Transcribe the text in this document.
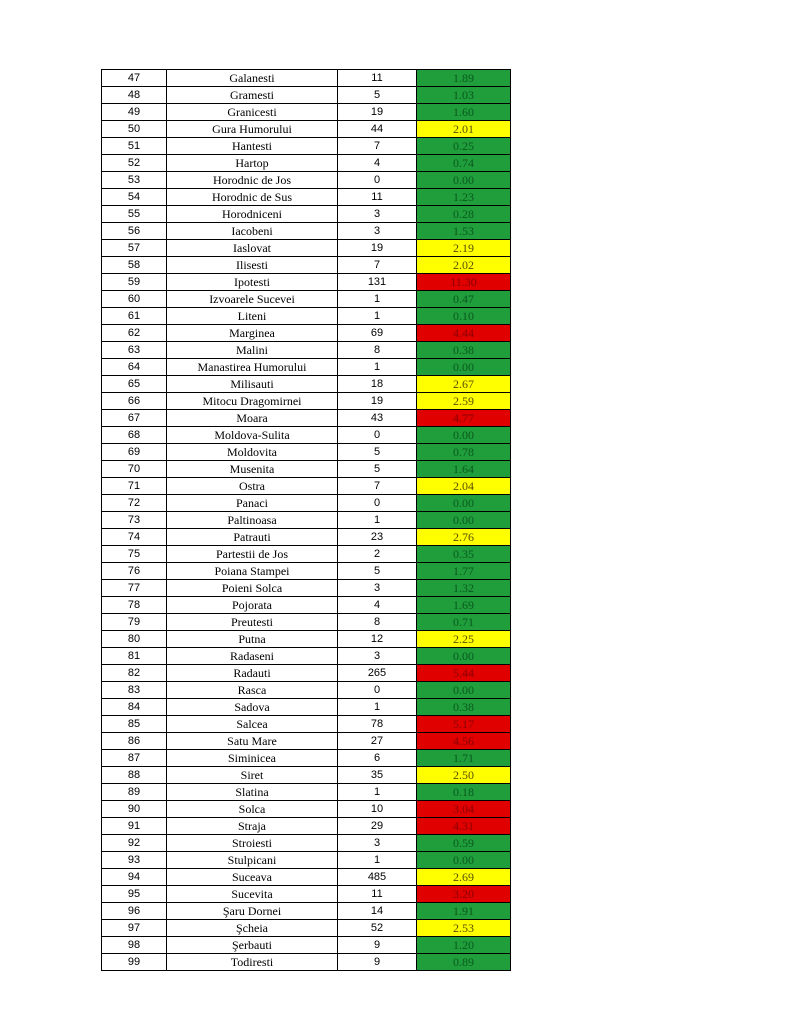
47	Galanesti	11	1.89
48	Gramesti	5	1.03
49	Granicesti	19	1.60
50	Gura Humorului	44	2.01
51	Hantesti	7	0.25
52	Hartop	4	0.74
53	Horodnic de Jos	0	0.00
54	Horodnic de Sus	11	1.23
55	Horodniceni	3	0.28
56	Iacobeni	3	1.53
57	Iaslovat	19	2.19
58	Ilisesti	7	2.02
59	Ipotesti	131	11.30
60	Izvoarele Sucevei	1	0.47
61	Liteni	1	0.10
62	Marginea	69	4.44
63	Malini	8	0.38
64	Manastirea Humorului	1	0.00
65	Milisauti	18	2.67
66	Mitocu Dragomirnei	19	2.59
67	Moara	43	4.77
68	Moldova-Sulita	0	0.00
69	Moldovita	5	0.78
70	Musenita	5	1.64
71	Ostra	7	2.04
72	Panaci	0	0.00
73	Paltinoasa	1	0.00
74	Patrauti	23	2.76
75	Partestii de Jos	2	0.35
76	Poiana Stampei	5	1.77
77	Poieni Solca	3	1.32
78	Pojorata	4	1.69
79	Preutesti	8	0.71
80	Putna	12	2.25
81	Radaseni	3	0.00
82	Radauti	265	5.44
83	Rasca	0	0.00
84	Sadova	1	0.38
85	Salcea	78	5.17
86	Satu Mare	27	4.56
87	Siminicea	6	1.71
88	Siret	35	2.50
89	Slatina	1	0.18
90	Solca	10	3.04
91	Straja	29	4.31
92	Stroiesti	3	0.59
93	Stulpicani	1	0.00
94	Suceava	485	2.69
95	Sucevita	11	3.20
96	Şaru Dornei	14	1.91
97	Şcheia	52	2.53
98	Şerbauti	9	1.20
99	Todiresti	9	0.89
